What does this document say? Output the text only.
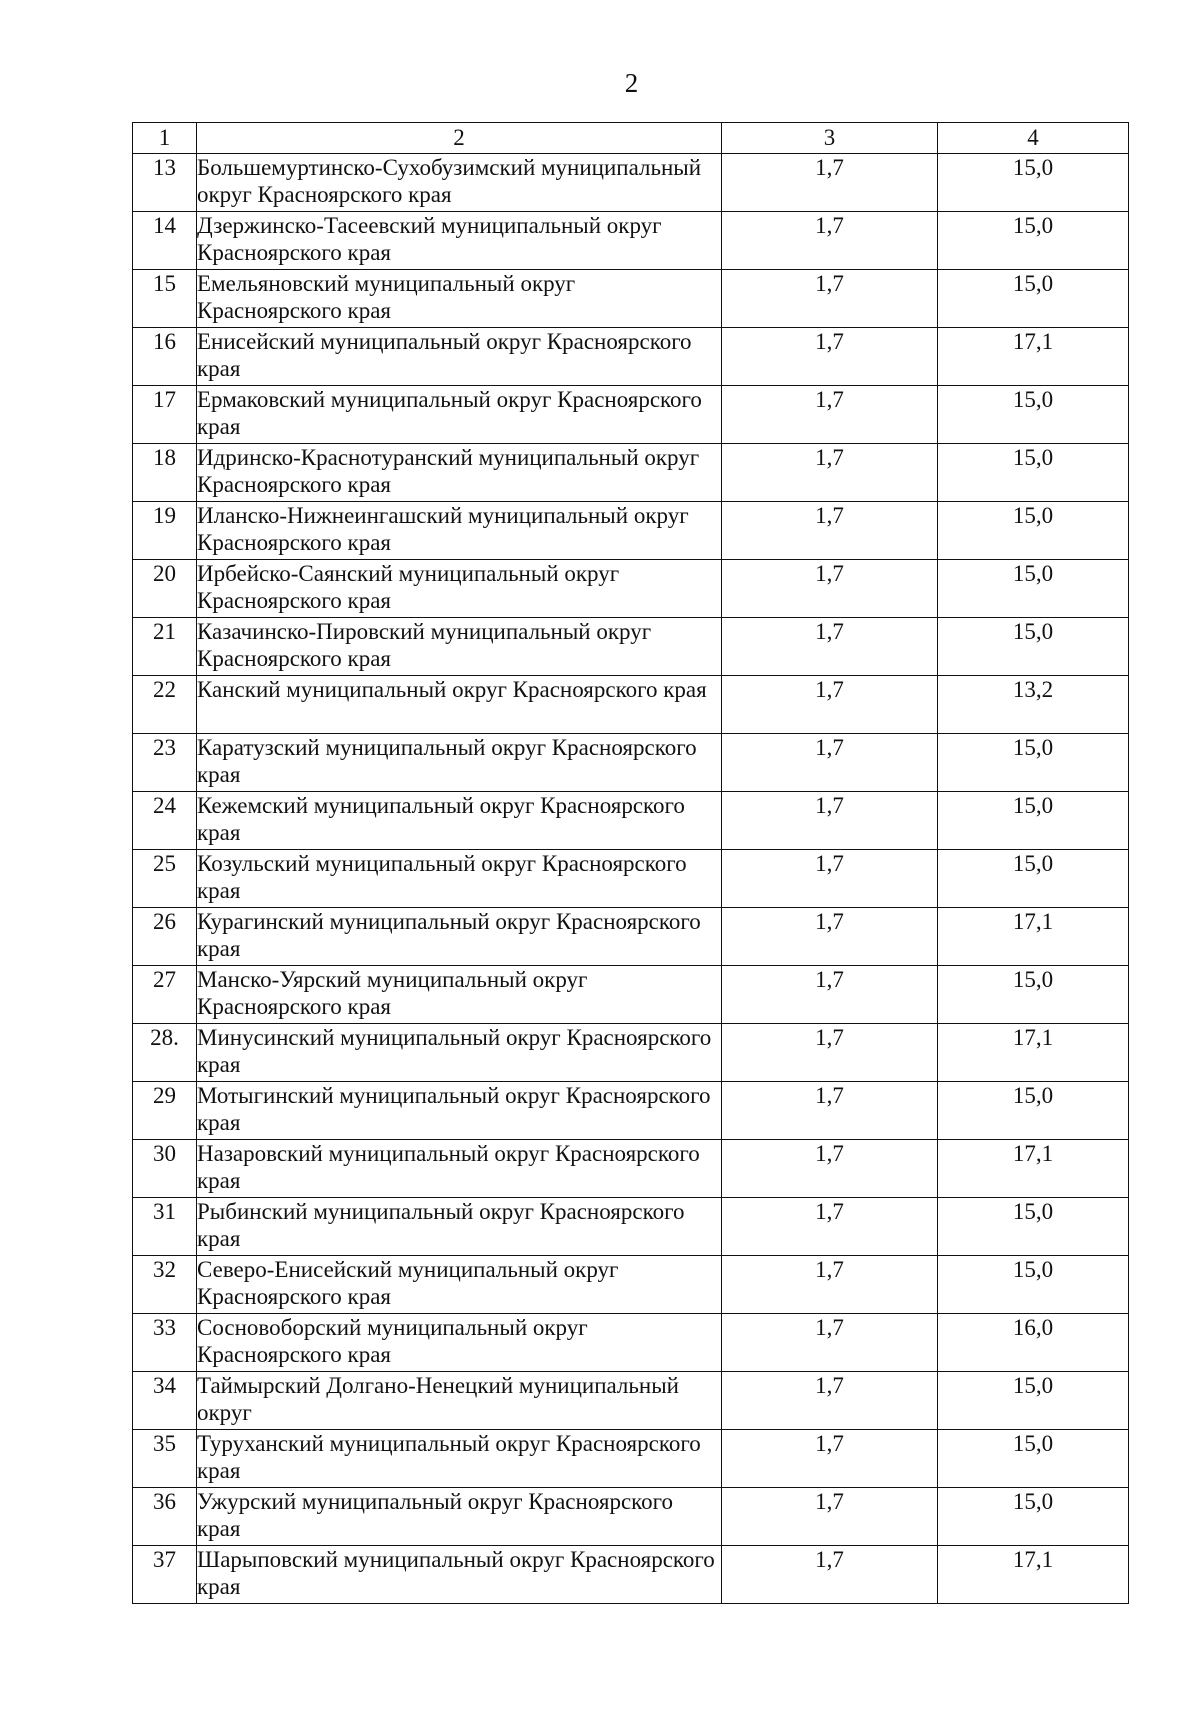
2
1	2	3	4
13	Большемуртинско-Сухобузимский муниципальный округ Красноярского края	1,7	15,0
14	Дзержинско-Тасеевский муниципальный округ Красноярского края	1,7	15,0
15	Емельяновский муниципальный округ Красноярского края	1,7	15,0
16	Енисейский муниципальный округ Красноярского края	1,7	17,1
17	Ермаковский муниципальный округ Красноярского края	1,7	15,0
18	Идринско-Краснотуранский муниципальный округ Красноярского края	1,7	15,0
19	Иланско-Нижнеингашский муниципальный округ Красноярского края	1,7	15,0
20	Ирбейско-Саянский муниципальный округ Красноярского края	1,7	15,0
21	Казачинско-Пировский муниципальный округ Красноярского края	1,7	15,0
22	Канский муниципальный округ Красноярского края	1,7	13,2
23	Каратузский муниципальный округ Красноярского края	1,7	15,0
24	Кежемский муниципальный округ Красноярского края	1,7	15,0
25	Козульский муниципальный округ Красноярского края	1,7	15,0
26	Курагинский муниципальный округ Красноярского края	1,7	17,1
27	Манско-Уярский муниципальный округ Красноярского края	1,7	15,0
28.	Минусинский муниципальный округ Красноярского края	1,7	17,1
29	Мотыгинский муниципальный округ Красноярского края	1,7	15,0
30	Назаровский муниципальный округ Красноярского края	1,7	17,1
31	Рыбинский муниципальный округ Красноярского края	1,7	15,0
32	Северо-Енисейский муниципальный округ Красноярского края	1,7	15,0
33	Сосновоборский муниципальный округ Красноярского края	1,7	16,0
34	Таймырский Долгано-Ненецкий муниципальный округ	1,7	15,0
35	Туруханский муниципальный округ Красноярского края	1,7	15,0
36	Ужурский муниципальный округ Красноярского края	1,7	15,0
37	Шарыповский муниципальный округ Красноярского края	1,7	17,1
